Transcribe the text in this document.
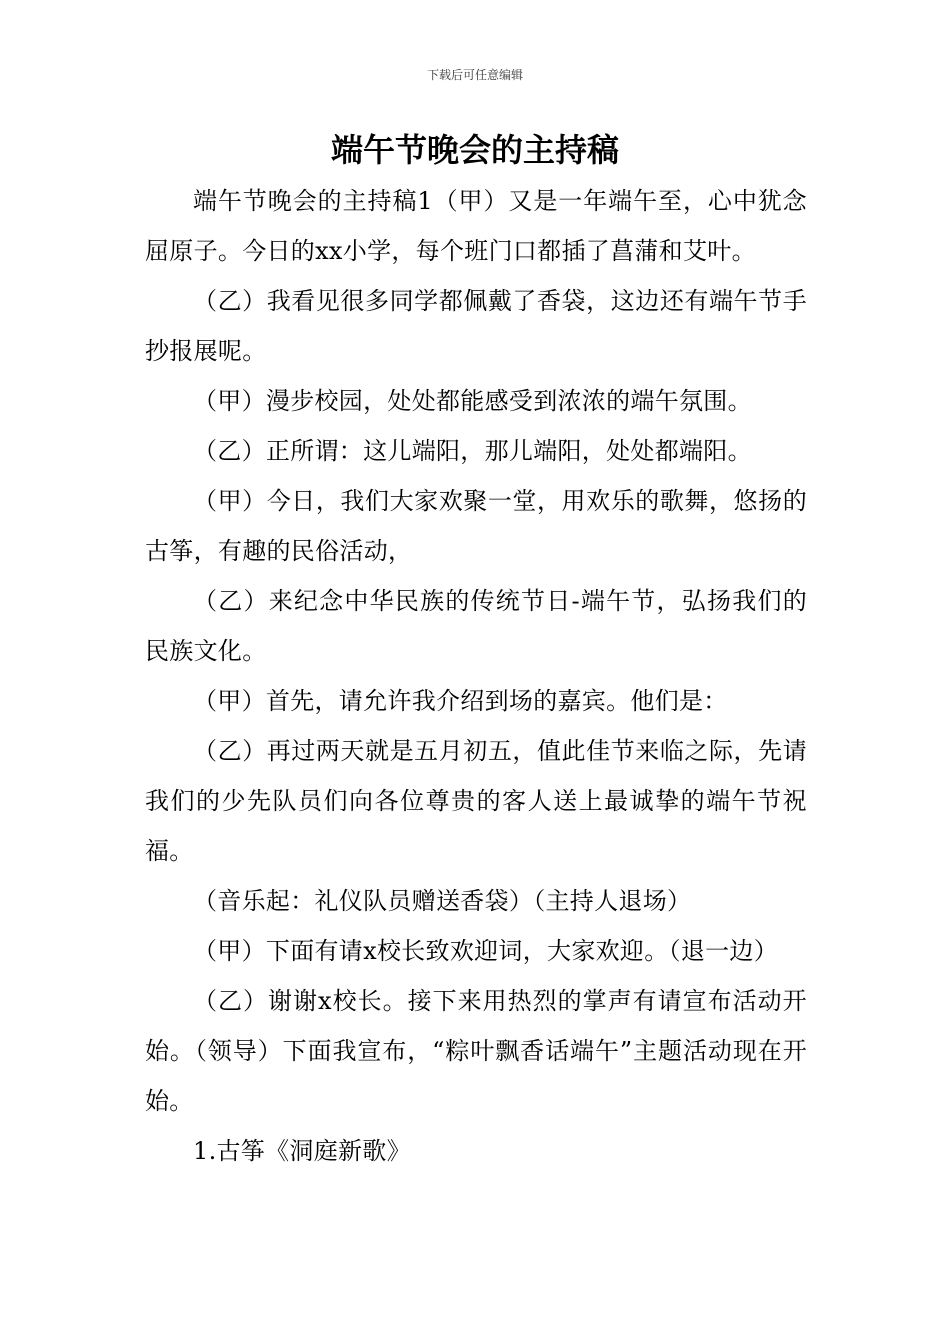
下载后可任意编辑
端午节晚会的主持稿

端午节晚会的主持稿1（甲）又是一年端午至，心中犹念屈原子。今日的xx小学，每个班门口都插了菖蒲和艾叶。

（乙）我看见很多同学都佩戴了香袋，这边还有端午节手抄报展呢。

（甲）漫步校园，处处都能感受到浓浓的端午氛围。

（乙）正所谓：这儿端阳，那儿端阳，处处都端阳。

（甲）今日，我们大家欢聚一堂，用欢乐的歌舞，悠扬的古筝，有趣的民俗活动，

（乙）来纪念中华民族的传统节日-端午节，弘扬我们的民族文化。

（甲）首先，请允许我介绍到场的嘉宾。他们是：

（乙）再过两天就是五月初五，值此佳节来临之际，先请我们的少先队员们向各位尊贵的客人送上最诚挚的端午节祝福。

（音乐起：礼仪队员赠送香袋）（主持人退场）

（甲）下面有请x校长致欢迎词，大家欢迎。（退一边）

（乙）谢谢x校长。接下来用热烈的掌声有请宣布活动开始。（领导）下面我宣布，“粽叶飘香话端午”主题活动现在开始。

1.古筝《洞庭新歌》
